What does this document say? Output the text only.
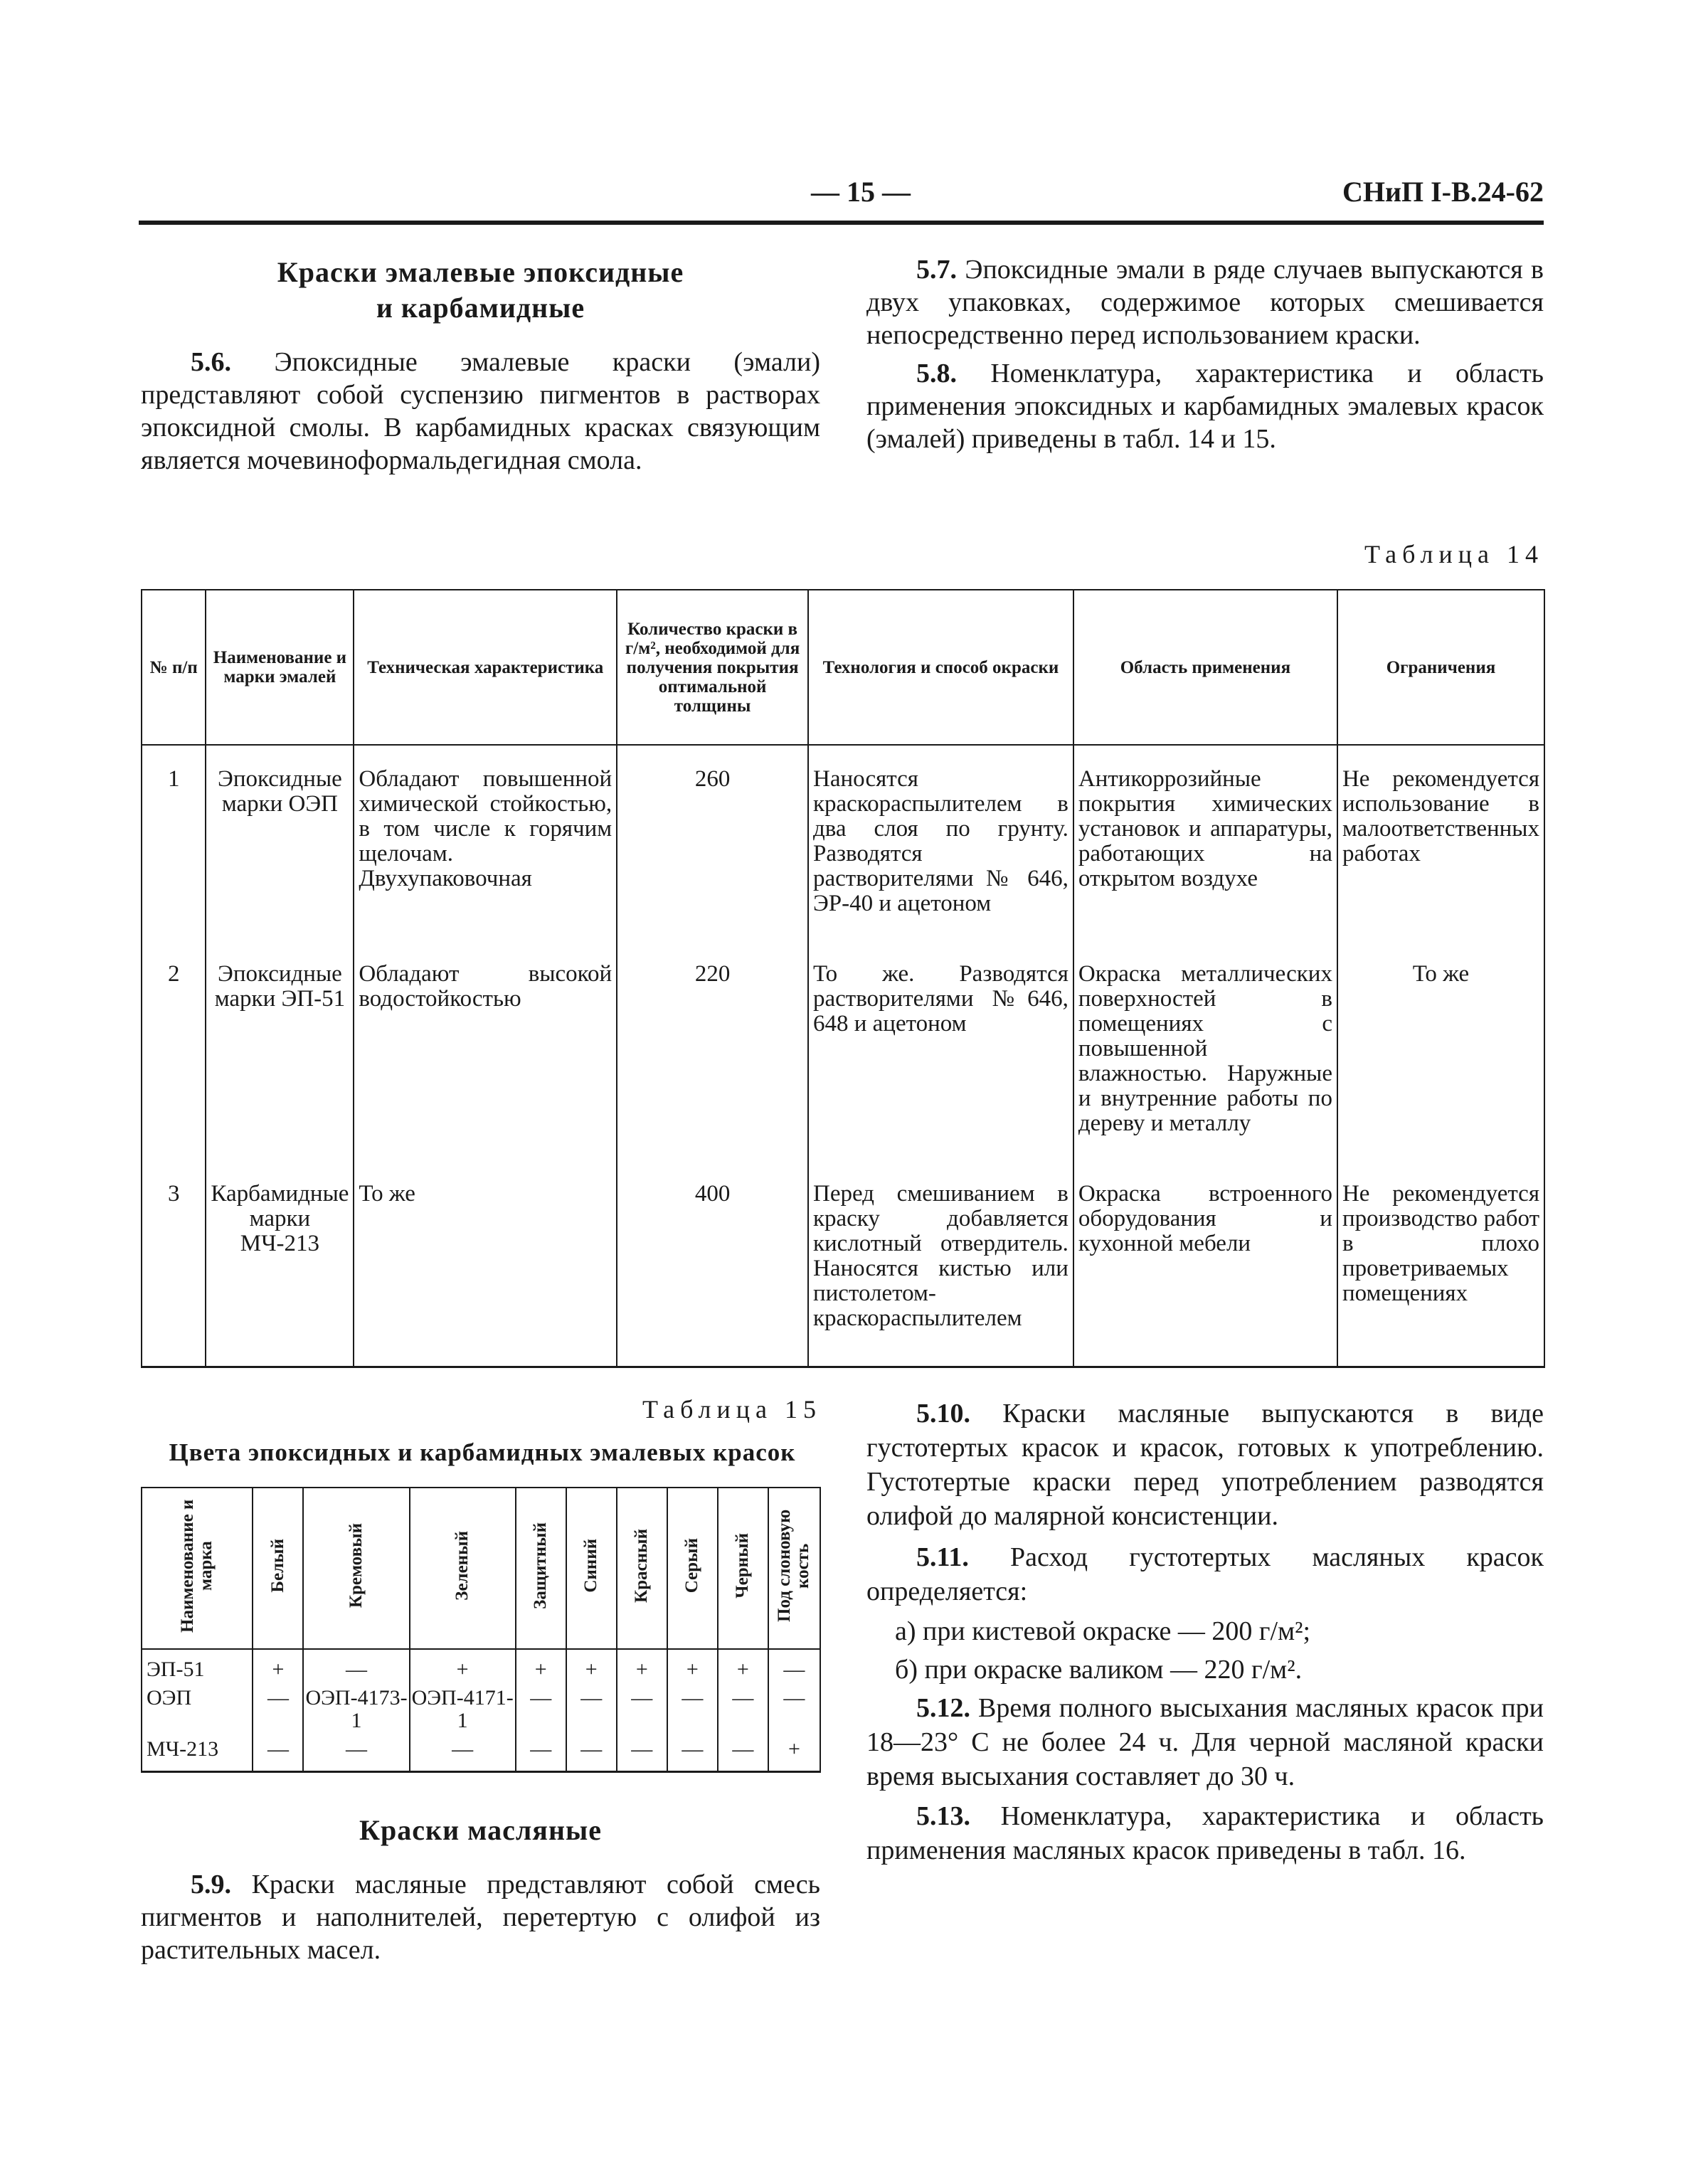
— 15 —	СНиП I-В.24-62
Краски эмалевые эпоксидные
и карбамидные

5.6. Эпоксидные эмалевые краски (эмали) представляют собой суспензию пигментов в растворах эпоксидной смолы. В карбамидных красках связующим является мочевиноформальдегидная смола.

5.7. Эпоксидные эмали в ряде случаев выпускаются в двух упаковках, содержимое которых смешивается непосредственно перед использованием краски.

5.8. Номенклатура, характеристика и область применения эпоксидных и карбамидных эмалевых красок (эмалей) приведены в табл. 14 и 15.

Таблица 14
№ п/п	Наименование и марки эмалей	Техническая характеристика	Количество краски в г/м², необходимой для получения покрытия оптимальной толщины	Технология и способ окраски	Область применения	Ограничения
1	Эпоксидные марки ОЭП	Обладают повышенной химической стойкостью, в том числе к горячим щелочам. Двухупаковочная	260	Наносятся краскораспылителем в два слоя по грунту. Разводятся растворителями № 646, ЭР-40 и ацетоном	Антикоррозийные покрытия химических установок и аппаратуры, работающих на открытом воздухе	Не рекомендуется использование в малоответственных работах
2	Эпоксидные марки ЭП-51	Обладают высокой водостойкостью	220	То же. Разводятся растворителями №646, 648 и ацетоном	Окраска металлических поверхностей в помещениях с повышенной влажностью. Наружные и внутренние работы по дереву и металлу	То же
3	Карбамидные марки МЧ-213	То же	400	Перед смешиванием в краску добавляется кислотный отвердитель. Наносятся кистью или пистолетом-краскораспылителем	Окраска встроенного оборудования и кухонной мебели	Не рекомендуется производство работ в плохо проветриваемых помещениях
Таблица 15
Цвета эпоксидных и карбамидных эмалевых красок
Наименование и марка	Белый	Кремовый	Зеленый	Защитный	Синий	Красный	Серый	Черный	Под слоновую кость
ЭП-51	+	—	+	+	+	+	+	+	—
ОЭП	—	ОЭП-4173-1	ОЭП-4171-1	—	—	—	—	—	—
МЧ-213	—	—	—	—	—	—	—	—	+
Краски масляные

5.9. Краски масляные представляют собой смесь пигментов и наполнителей, перетертую с олифой из растительных масел.

5.10. Краски масляные выпускаются в виде густотертых красок и красок, готовых к употреблению. Густотертые краски перед употреблением разводятся олифой до малярной консистенции.

5.11. Расход густотертых масляных красок определяется:

а) при кистевой окраске — 200 г/м²;
б) при окраске валиком — 220 г/м².

5.12. Время полного высыхания масляных красок при 18—23° С не более 24 ч. Для черной масляной краски время высыхания составляет до 30 ч.

5.13. Номенклатура, характеристика и область применения масляных красок приведены в табл. 16.
